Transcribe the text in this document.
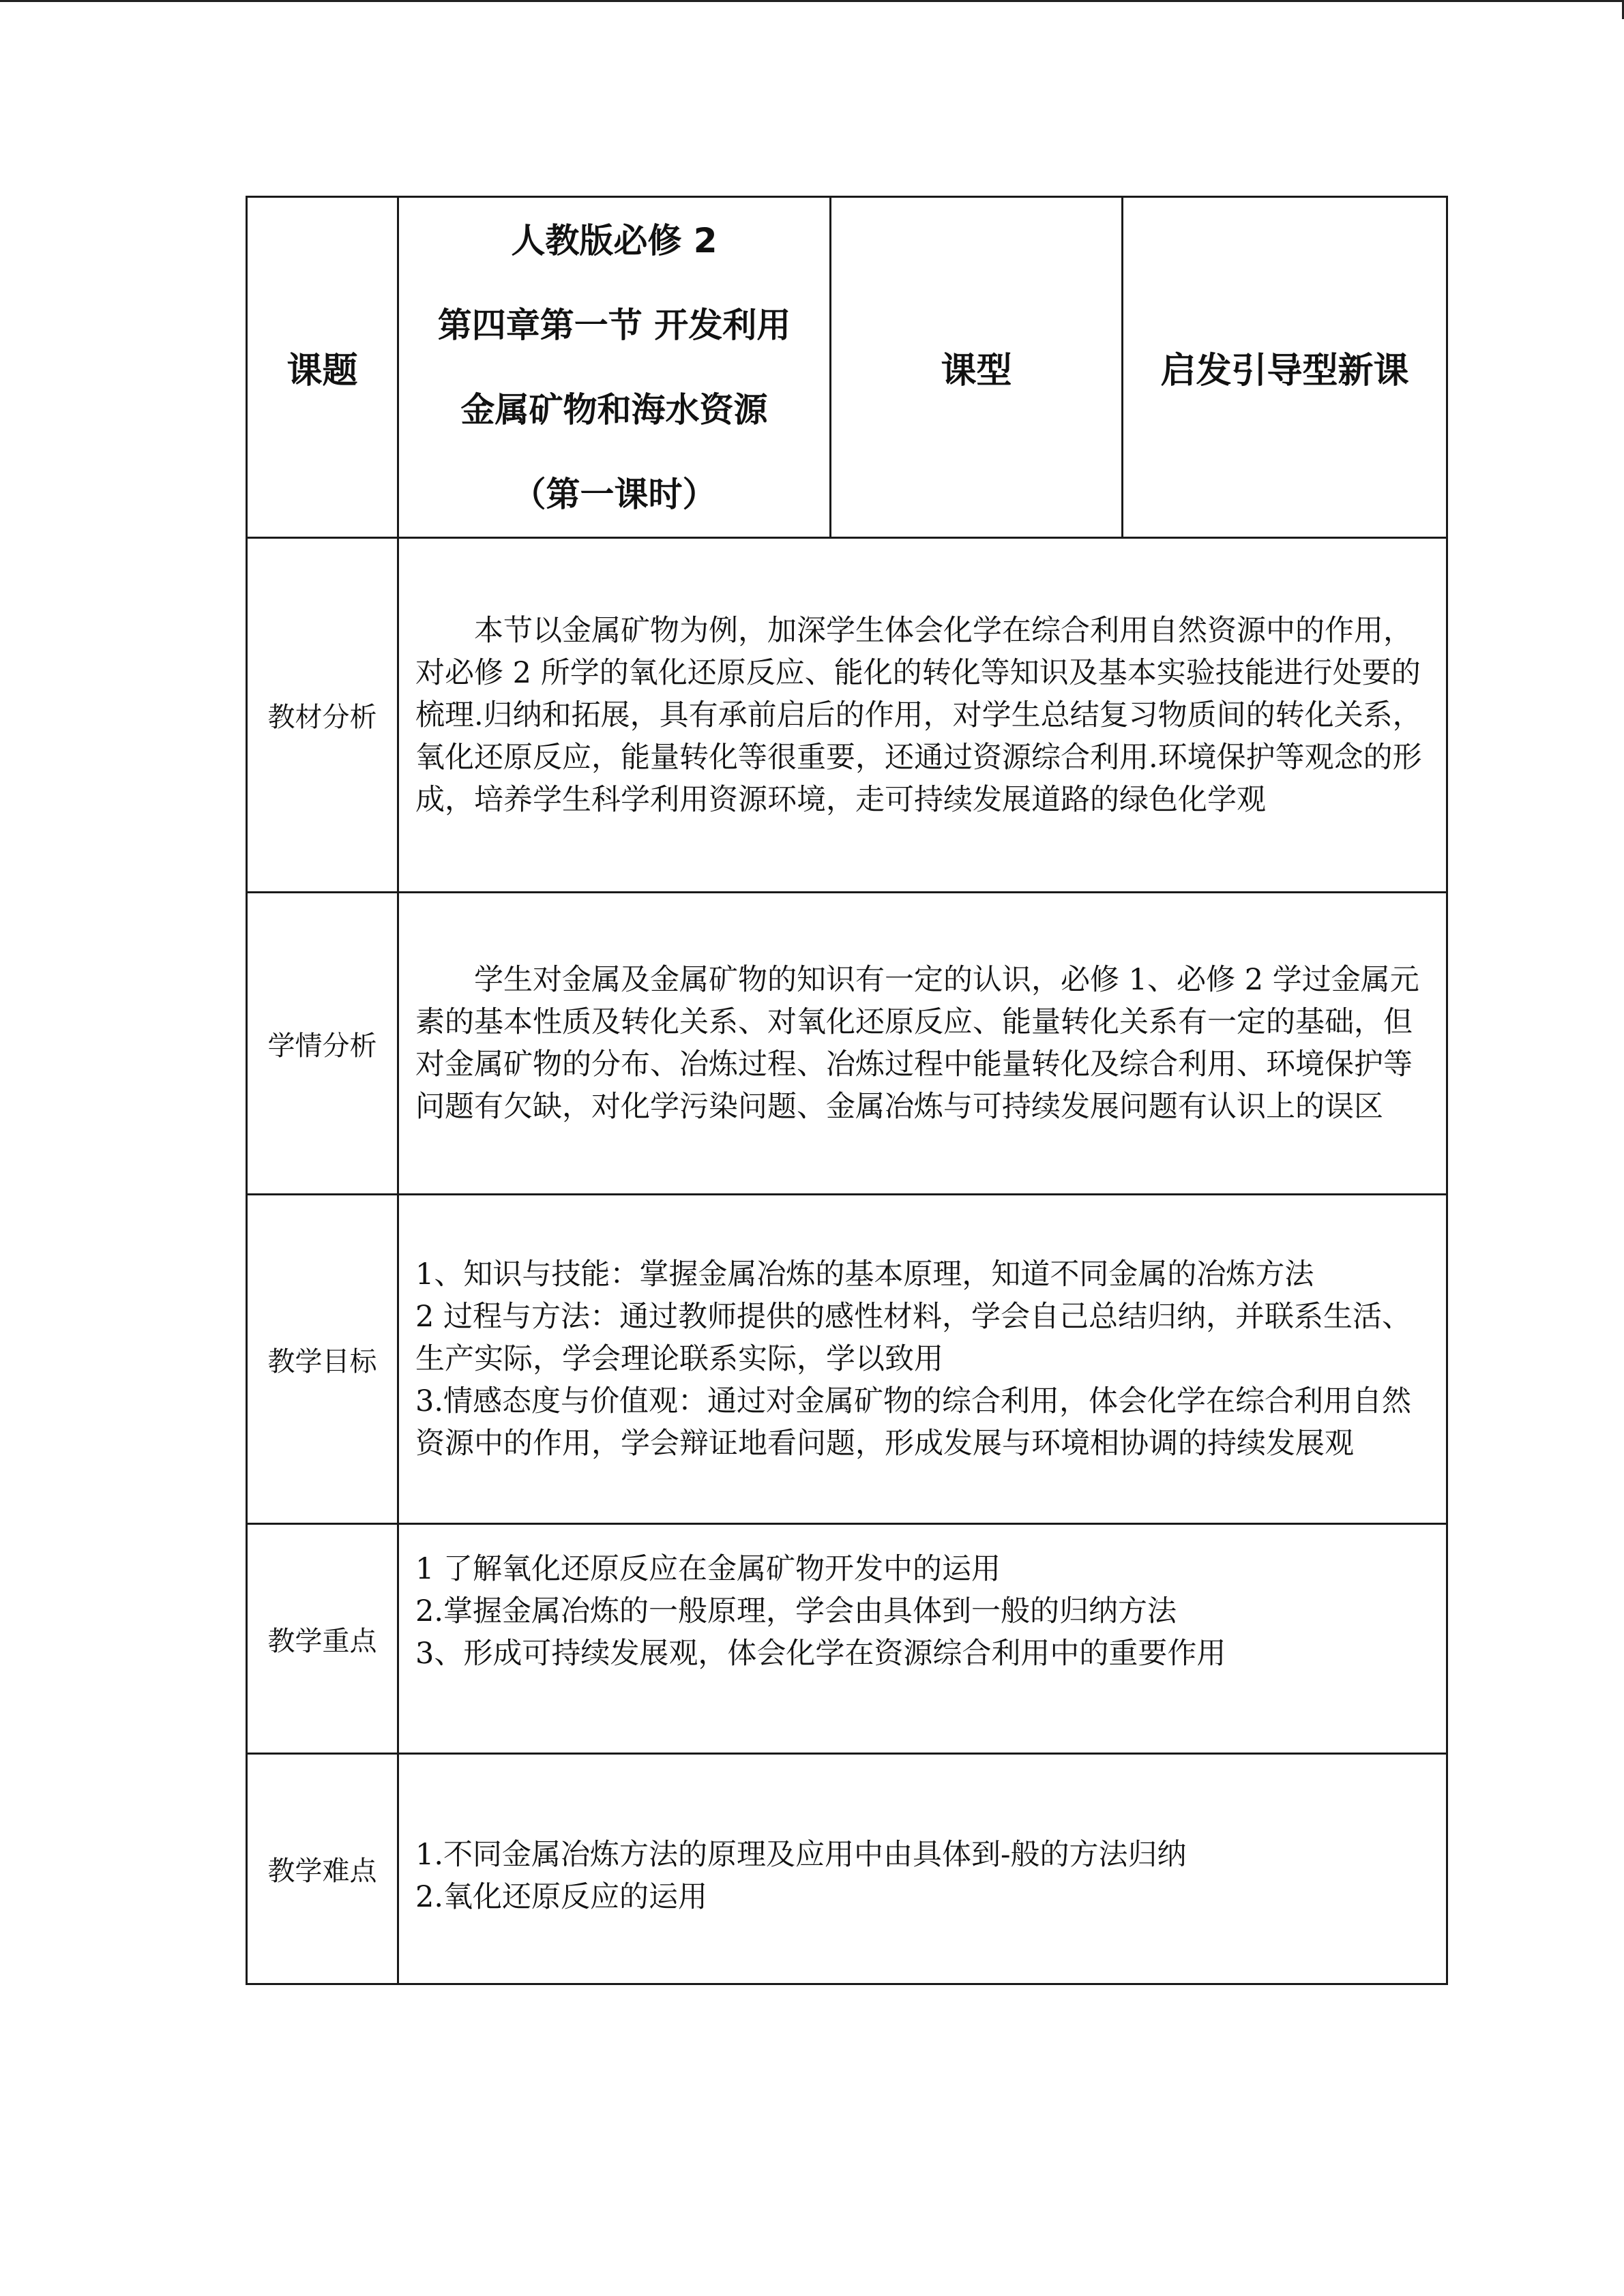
课题	人教版必修 2
第四章第一节 开发利用
金属矿物和海水资源
（第一课时）	课型	启发引导型新课
教材分析	本节以金属矿物为例，加深学生体会化学在综合利用自然资源中的作用，对必修 2 所学的氧化还原反应、能化的转化等知识及基本实验技能进行处要的梳理.归纳和拓展，具有承前启后的作用，对学生总结复习物质间的转化关系，氧化还原反应，能量转化等很重要，还通过资源综合利用.环境保护等观念的形成，培养学生科学利用资源环境，走可持续发展道路的绿色化学观		

学情分析	学生对金属及金属矿物的知识有一定的认识，必修 1、必修 2 学过金属元素的基本性质及转化关系、对氧化还原反应、能量转化关系有一定的基础，但对金属矿物的分布、冶炼过程、冶炼过程中能量转化及综合利用、环境保护等问题有欠缺，对化学污染问题、金属冶炼与可持续发展问题有认识上的误区		

教学目标	1、知识与技能：掌握金属冶炼的基本原理，知道不同金属的冶炼方法
2 过程与方法：通过教师提供的感性材料，学会自己总结归纳，并联系生活、生产实际，学会理论联系实际，学以致用
3.情感态度与价值观：通过对金属矿物的综合利用，体会化学在综合利用自然资源中的作用，学会辩证地看问题，形成发展与环境相协调的持续发展观		

教学重点	1 了解氧化还原反应在金属矿物开发中的运用
2.掌握金属冶炼的一般原理，学会由具体到一般的归纳方法
3、形成可持续发展观，体会化学在资源综合利用中的重要作用		

教学难点	1.不同金属冶炼方法的原理及应用中由具体到-般的方法归纳
2.氧化还原反应的运用		
